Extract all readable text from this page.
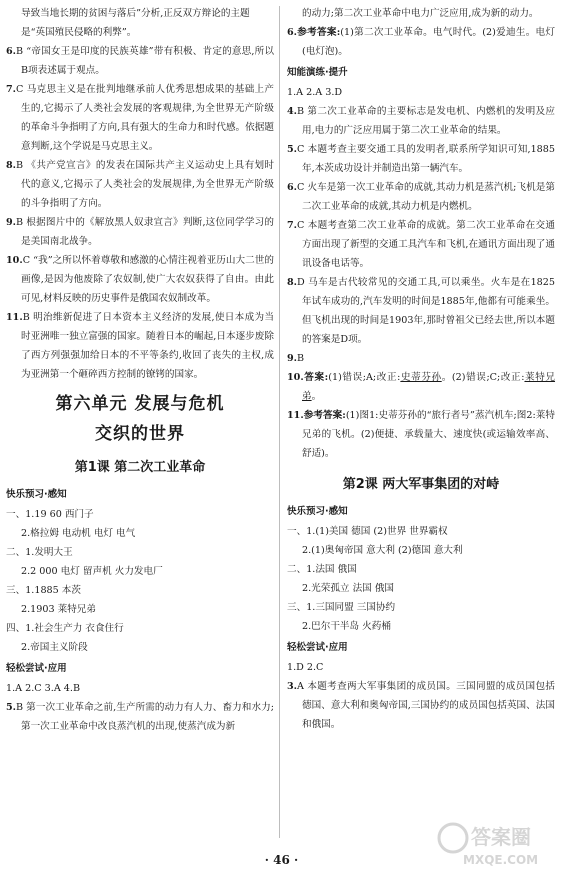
导致当地长期的贫困与落后”分析,正反双方辩论的主题

是“英国殖民侵略的利弊”。

6.B “帝国女王是印度的民族英雄”带有积极、肯定的意思,所以B项表述属于观点。

7.C 马克思主义是在批判地继承前人优秀思想成果的基础上产生的,它揭示了人类社会发展的客观规律,为全世界无产阶级的革命斗争指明了方向,具有强大的生命力和时代感。依据题意判断,这个学说是马克思主义。

8.B 《共产党宣言》的发表在国际共产主义运动史上具有划时代的意义,它揭示了人类社会的发展规律,为全世界无产阶级的斗争指明了方向。

9.B 根据图片中的《解放黑人奴隶宣言》判断,这位同学学习的是美国南北战争。

10.C “我”之所以怀着尊敬和感激的心情注视着亚历山大二世的画像,是因为他废除了农奴制,使广大农奴获得了自由。由此可见,材料反映的历史事件是俄国农奴制改革。

11.B 明治维新促进了日本资本主义经济的发展,使日本成为当时亚洲唯一独立富强的国家。随着日本的崛起,日本逐步废除了西方列强强加给日本的不平等条约,收回了丧失的主权,成为亚洲第一个砸碎西方控制的镣铐的国家。

第六单元 发展与危机
交织的世界
第1课 第二次工业革命
快乐预习·感知

一、1.19 60 西门子

2.格拉姆 电动机 电灯 电气

二、1.发明大王

2.2 000 电灯 留声机 火力发电厂

三、1.1885 本茨

2.1903 莱特兄弟

四、1.社会生产力 衣食住行

2.帝国主义阶段

轻松尝试·应用

1.A 2.C 3.A 4.B

5.B 第一次工业革命之前,生产所需的动力有人力、畜力和水力;第一次工业革命中改良蒸汽机的出现,使蒸汽成为新

的动力;第二次工业革命中电力广泛应用,成为新的动力。

6.参考答案:(1)第二次工业革命。电气时代。(2)爱迪生。电灯(电灯泡)。

知能演练·提升

1.A 2.A 3.D

4.B 第二次工业革命的主要标志是发电机、内燃机的发明及应用,电力的广泛应用属于第二次工业革命的结果。

5.C 本题考查主要交通工具的发明者,联系所学知识可知,1885年,本茨成功设计并制造出第一辆汽车。

6.C 火车是第一次工业革命的成就,其动力机是蒸汽机;飞机是第二次工业革命的成就,其动力机是内燃机。

7.C 本题考查第二次工业革命的成就。第二次工业革命在交通方面出现了新型的交通工具汽车和飞机,在通讯方面出现了通讯设备电话等。

8.D 马车是古代较常见的交通工具,可以乘坐。火车是在1825年试车成功的,汽车发明的时间是1885年,他都有可能乘坐。但飞机出现的时间是1903年,那时曾祖父已经去世,所以本题的答案是D项。

9.B

10.答案:(1)错误;A;改正:史蒂芬孙。(2)错误;C;改正:莱特兄弟。

11.参考答案:(1)图1:史蒂芬孙的“旅行者号”蒸汽机车;图2:莱特兄弟的飞机。(2)便捷、承载量大、速度快(或运输效率高、舒适)。

第2课 两大军事集团的对峙
快乐预习·感知

一、1.(1)美国 德国 (2)世界 世界霸权

2.(1)奥匈帝国 意大利 (2)德国 意大利

二、1.法国 俄国

2.光荣孤立 法国 俄国

三、1.三国同盟 三国协约

2.巴尔干半岛 火药桶

轻松尝试·应用

1.D 2.C

3.A 本题考查两大军事集团的成员国。三国同盟的成员国包括德国、意大利和奥匈帝国,三国协约的成员国包括英国、法国和俄国。

· 46 ·
答案圈
MXQE.COM
